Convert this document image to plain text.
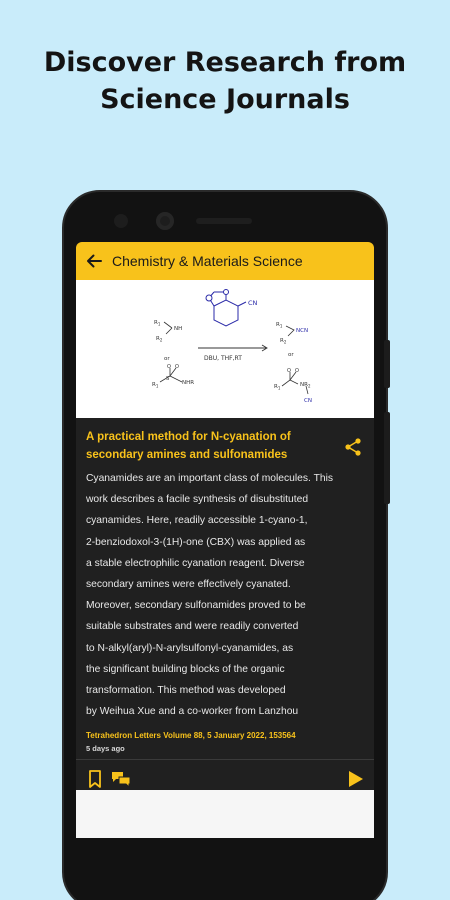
Discover Research from
Science Journals
Chemistry & Materials Science
CN
$R_1$
NH
$R_2$
or
$R_1$
O O
S
NHR
DBU, THF,RT
$R_1$
NCN
$R_2$
or
$R_1$
O O
$NR_2$
CN
A practical method for N-cyanation of secondary amines and sulfonamides
Cyanamides are an important class of molecules. This
work describes a facile synthesis of disubstituted
cyanamides. Here, readily accessible 1-cyano-1,
2-benziodoxol-3-(1H)-one (CBX) was applied as
a stable electrophilic cyanation reagent. Diverse
secondary amines were effectively cyanated.
Moreover, secondary sulfonamides proved to be
suitable substrates and were readily converted
to N-alkyl(aryl)-N-arylsulfonyl-cyanamides, as
the significant building blocks of the organic
transformation. This method was developed
by Weihua Xue and a co-worker from Lanzhou

Tetrahedron Letters Volume 88, 5 January 2022, 153564
5 days ago
